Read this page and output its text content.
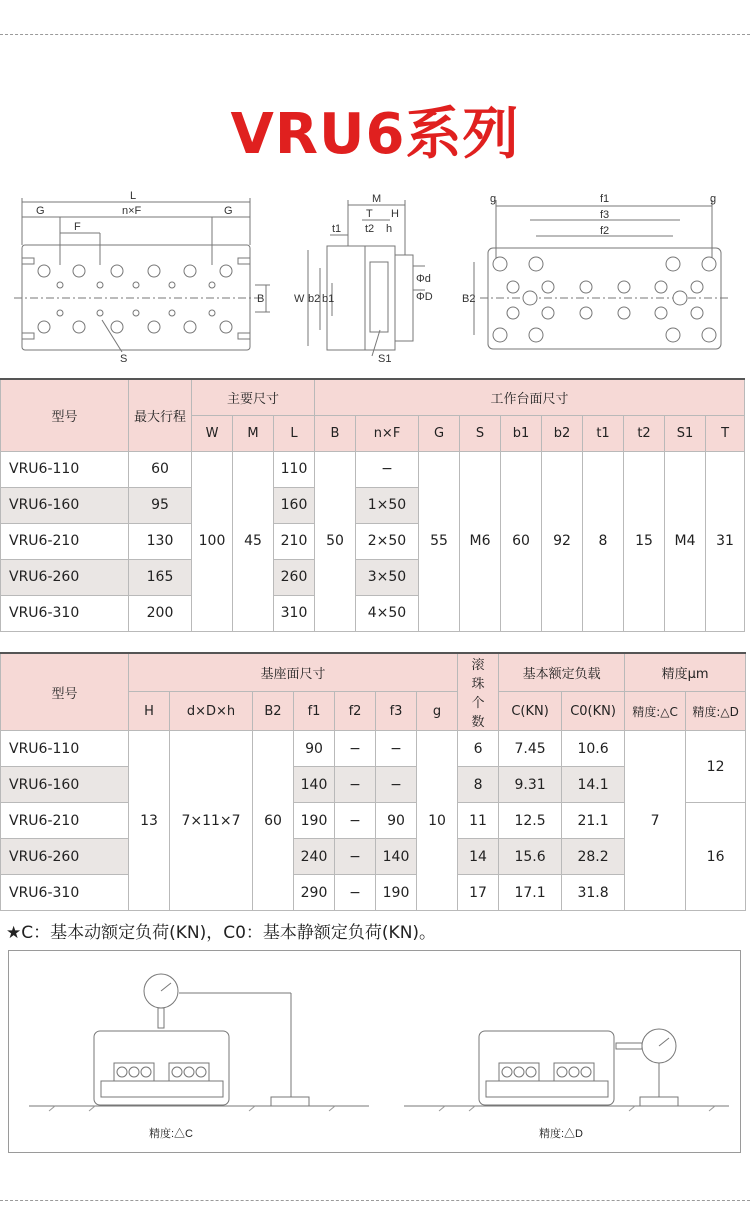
VRU6系列
L
G	n×F	G
F
B
S
M
T H
t1 t2 h
W b2 b1
Φd
ΦD
S1
g	f1	g
f3
f2
B2
型号	最大行程	主要尺寸			工作台面尺寸									
		W	M	L	B	n×F	G	S	b1	b2	t1	t2	S1	T
VRU6-110	60	100	45	110	50	−	55	M6	60	92	8	15	M4	31
VRU6-160	95			160		1×50								
VRU6-210	130			210		2×50								
VRU6-260	165			260		3×50								
VRU6-310	200			310		4×50								
型号	基座面尺寸							滚珠个数	基本额定负载		精度μm	
	H	d×D×h	B2	f1	f2	f3	g		C(KN)	C0(KN)	精度:△C	精度:△D
VRU6-110	13	7×11×7	60	90	−	−	10	6	7.45	10.6	7	12
VRU6-160				140	−	−		8	9.31	14.1		
VRU6-210				190	−	90		11	12.5	21.1		16
VRU6-260				240	−	140		14	15.6	28.2		
VRU6-310				290	−	190		17	17.1	31.8		
★C：基本动额定负荷(KN)，C0：基本静额定负荷(KN)。
精度:△C	精度:△D
